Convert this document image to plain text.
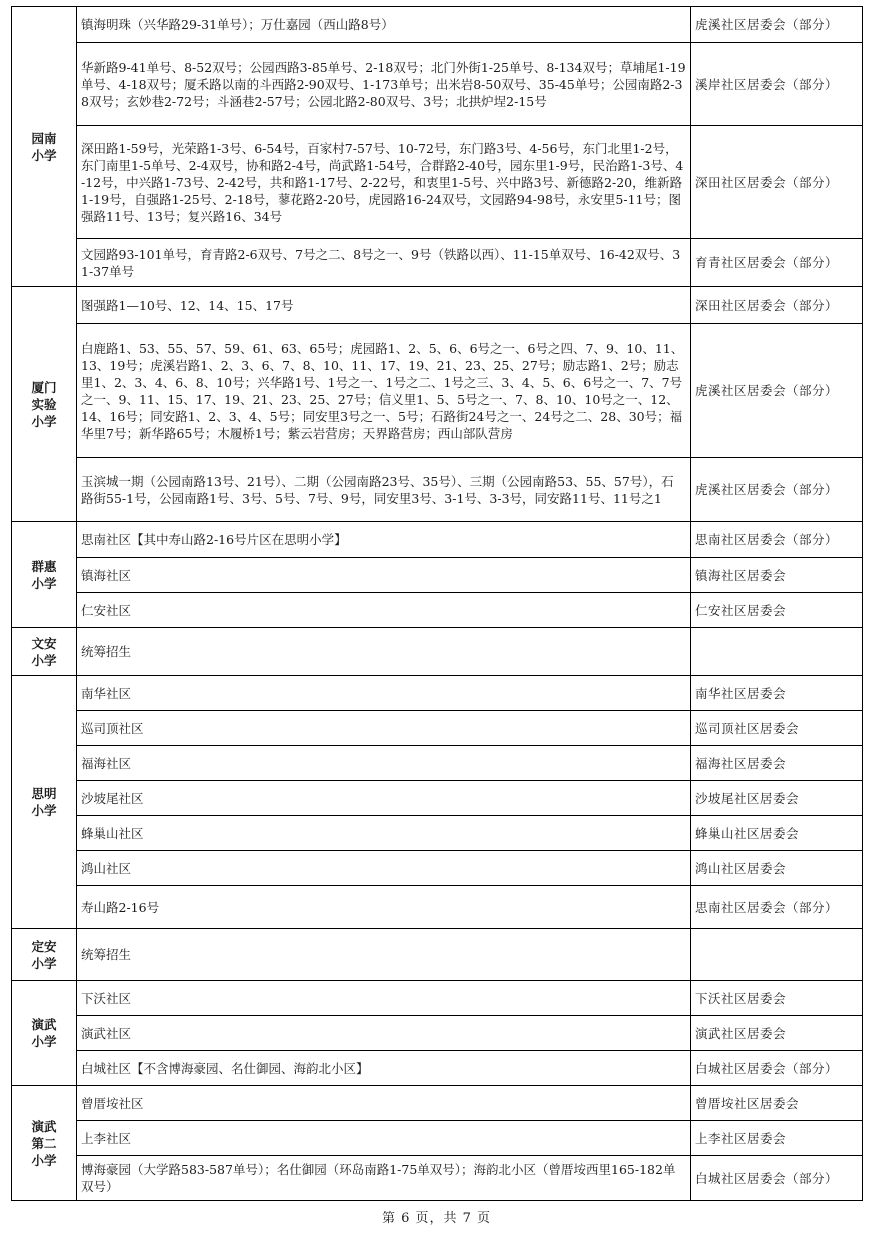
园南小学	镇海明珠（兴华路29-31单号）；万仕嘉园（西山路8号）	虎溪社区居委会（部分）
	华新路9-41单号、8-52双号；公园西路3-85单号、2-18双号；北门外街1-25单号、8-134双号；草埔尾1-19单号、4-18双号；厦禾路以南的斗西路2-90双号、1-173单号；出米岩8-50双号、35-45单号；公园南路2-38双号；玄妙巷2-72号；斗涵巷2-57号；公园北路2-80双号、3号；北拱炉埕2-15号	溪岸社区居委会（部分）
	深田路1-59号，光荣路1-3号、6-54号，百家村7-57号、10-72号，东门路3号、4-56号，东门北里1-2号，东门南里1-5单号、2-4双号，协和路2-4号，尚武路1-54号，合群路2-40号，园东里1-9号，民治路1-3号、4-12号，中兴路1-73号、2-42号，共和路1-17号、2-22号，和衷里1-5号、兴中路3号、新德路2-20，维新路1-19号，自强路1-25号、2-18号，蓼花路2-20号，虎园路16-24双号，文园路94-98号，永安里5-11号；图强路11号、13号；复兴路16、34号	深田社区居委会（部分）
	文园路93-101单号，育青路2-6双号、7号之二、8号之一、9号（铁路以西）、11-15单双号、16-42双号、31-37单号	育青社区居委会（部分）
厦门实验小学	图强路1—10号、12、14、15、17号	深田社区居委会（部分）
	白鹿路1、53、55、57、59、61、63、65号；虎园路1、2、5、6、6号之一、6号之四、7、9、10、11、13、19号；虎溪岩路1、2、3、6、7、8、10、11、17、19、21、23、25、27号；励志路1、2号；励志里1、2、3、4、6、8、10号；兴华路1号、1号之一、1号之二、1号之三、3、4、5、6、6号之一、7、7号之一、9、11、15、17、19、21、23、25、27号；信义里1、5、5号之一、7、8、10、10号之一、12、14、16号；同安路1、2、3、4、5号；同安里3号之一、5号；石路街24号之一、24号之二、28、30号；福华里7号；新华路65号；木履桥1号；紫云岩营房；天界路营房；西山部队营房	虎溪社区居委会（部分）
	玉滨城一期（公园南路13号、21号）、二期（公园南路23号、35号）、三期（公园南路53、55、57号），石路街55-1号，公园南路1号、3号、5号、7号、9号，同安里3号、3-1号、3-3号，同安路11号、11号之1	虎溪社区居委会（部分）
群惠小学	思南社区【其中寿山路2-16号片区在思明小学】	思南社区居委会（部分）
	镇海社区	镇海社区居委会
	仁安社区	仁安社区居委会
文安小学	统筹招生	
思明小学	南华社区	南华社区居委会
	巡司顶社区	巡司顶社区居委会
	福海社区	福海社区居委会
	沙坡尾社区	沙坡尾社区居委会
	蜂巢山社区	蜂巢山社区居委会
	鸿山社区	鸿山社区居委会
	寿山路2-16号	思南社区居委会（部分）
定安小学	统筹招生	
演武小学	下沃社区	下沃社区居委会
	演武社区	演武社区居委会
	白城社区【不含博海豪园、名仕御园、海韵北小区】	白城社区居委会（部分）
演武第二小学	曾厝垵社区	曾厝垵社区居委会
	上李社区	上李社区居委会
	博海豪园（大学路583-587单号）；名仕御园（环岛南路1-75单双号）；海韵北小区（曾厝垵西里165-182单双号）	白城社区居委会（部分）
第 6 页，共 7 页
